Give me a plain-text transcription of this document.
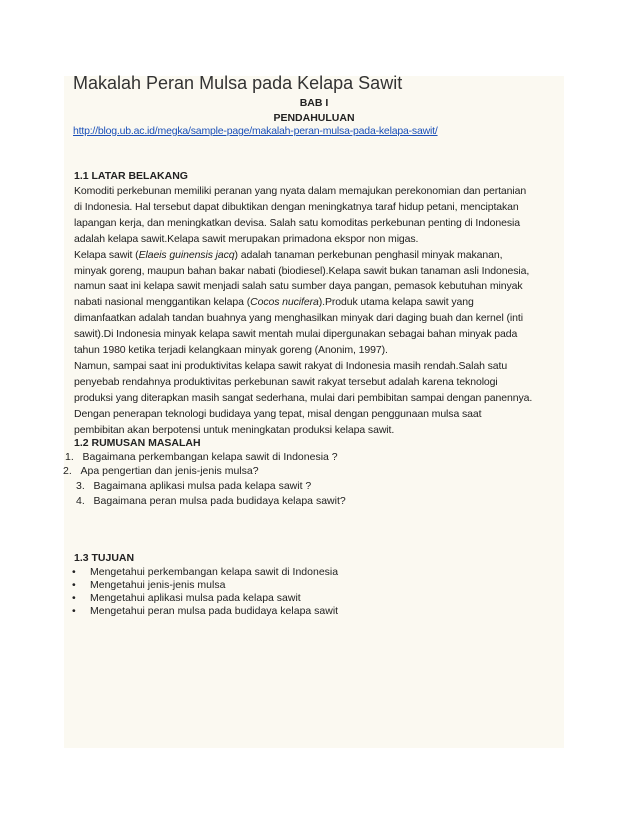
Makalah Peran Mulsa pada Kelapa Sawit
BAB I
PENDAHULUAN
http://blog.ub.ac.id/megka/sample-page/makalah-peran-mulsa-pada-kelapa-sawit/
1.1 LATAR BELAKANG
Komoditi perkebunan memiliki peranan yang nyata dalam memajukan perekonomian dan pertanian
di Indonesia. Hal tersebut dapat dibuktikan dengan meningkatnya taraf hidup petani, menciptakan
lapangan kerja, dan meningkatkan devisa. Salah satu komoditas perkebunan penting di Indonesia
adalah kelapa sawit.Kelapa sawit merupakan primadona ekspor non migas.
Kelapa sawit (Elaeis guinensis jacq) adalah tanaman perkebunan penghasil minyak makanan,
minyak goreng, maupun bahan bakar nabati (biodiesel).Kelapa sawit bukan tanaman asli Indonesia,
namun saat ini kelapa sawit menjadi salah satu sumber daya pangan, pemasok kebutuhan minyak
nabati nasional menggantikan kelapa (Cocos nucifera).Produk utama kelapa sawit yang
dimanfaatkan adalah tandan buahnya yang menghasilkan minyak dari daging buah dan kernel (inti
sawit).Di Indonesia minyak kelapa sawit mentah mulai dipergunakan sebagai bahan minyak pada
tahun 1980 ketika terjadi kelangkaan minyak goreng (Anonim, 1997).
Namun, sampai saat ini produktivitas kelapa sawit rakyat di Indonesia masih rendah.Salah satu
penyebab rendahnya produktivitas perkebunan sawit rakyat tersebut adalah karena teknologi
produksi yang diterapkan masih sangat sederhana, mulai dari pembibitan sampai dengan panennya.
Dengan penerapan teknologi budidaya yang tepat, misal dengan penggunaan mulsa saat
pembibitan akan berpotensi untuk meningkatan produksi kelapa sawit.
1.2 RUMUSAN MASALAH
1. Bagaimana perkembangan kelapa sawit di Indonesia ?
2. Apa pengertian dan jenis-jenis mulsa?
3. Bagaimana aplikasi mulsa pada kelapa sawit ?
4. Bagaimana peran mulsa pada budidaya kelapa sawit?
1.3 TUJUAN
• Mengetahui perkembangan kelapa sawit di Indonesia
• Mengetahui jenis-jenis mulsa
• Mengetahui aplikasi mulsa pada kelapa sawit
• Mengetahui peran mulsa pada budidaya kelapa sawit
